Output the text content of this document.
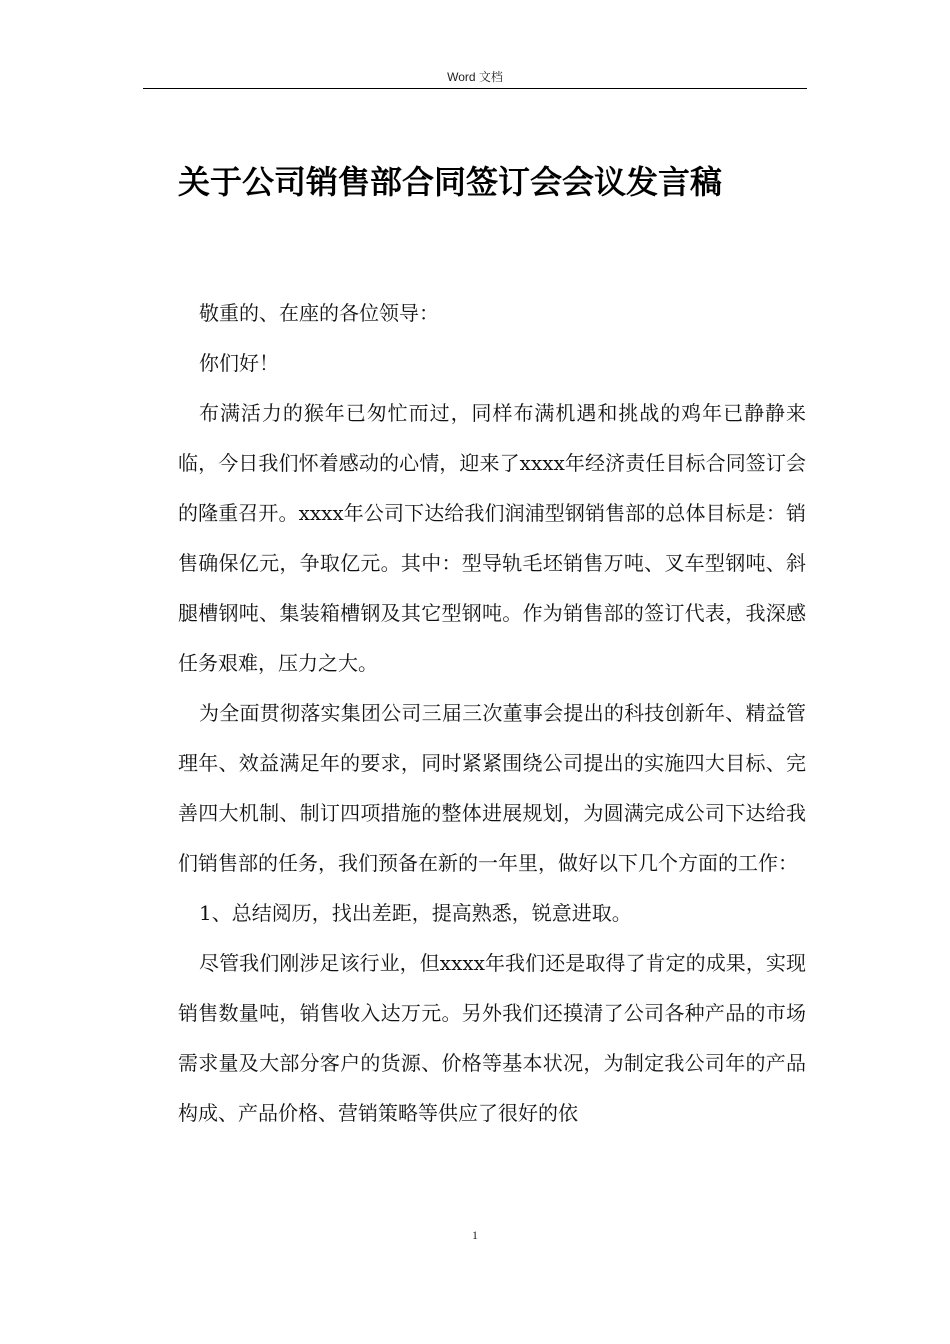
Word 文档
关于公司销售部合同签订会会议发言稿

敬重的、在座的各位领导：

你们好！

布满活力的猴年已匆忙而过，同样布满机遇和挑战的鸡年已静静来临，今日我们怀着感动的心情，迎来了xxxx年经济责任目标合同签订会的隆重召开。xxxx年公司下达给我们润浦型钢销售部的总体目标是：销售确保亿元，争取亿元。其中：型导轨毛坯销售万吨、叉车型钢吨、斜腿槽钢吨、集装箱槽钢及其它型钢吨。作为销售部的签订代表，我深感任务艰难，压力之大。

为全面贯彻落实集团公司三届三次董事会提出的科技创新年、精益管理年、效益满足年的要求，同时紧紧围绕公司提出的实施四大目标、完善四大机制、制订四项措施的整体进展规划，为圆满完成公司下达给我们销售部的任务，我们预备在新的一年里，做好以下几个方面的工作：

1、总结阅历，找出差距，提高熟悉，锐意进取。

尽管我们刚涉足该行业，但xxxx年我们还是取得了肯定的成果，实现销售数量吨，销售收入达万元。另外我们还摸清了公司各种产品的市场需求量及大部分客户的货源、价格等基本状况，为制定我公司年的产品构成、产品价格、营销策略等供应了很好的依

1
